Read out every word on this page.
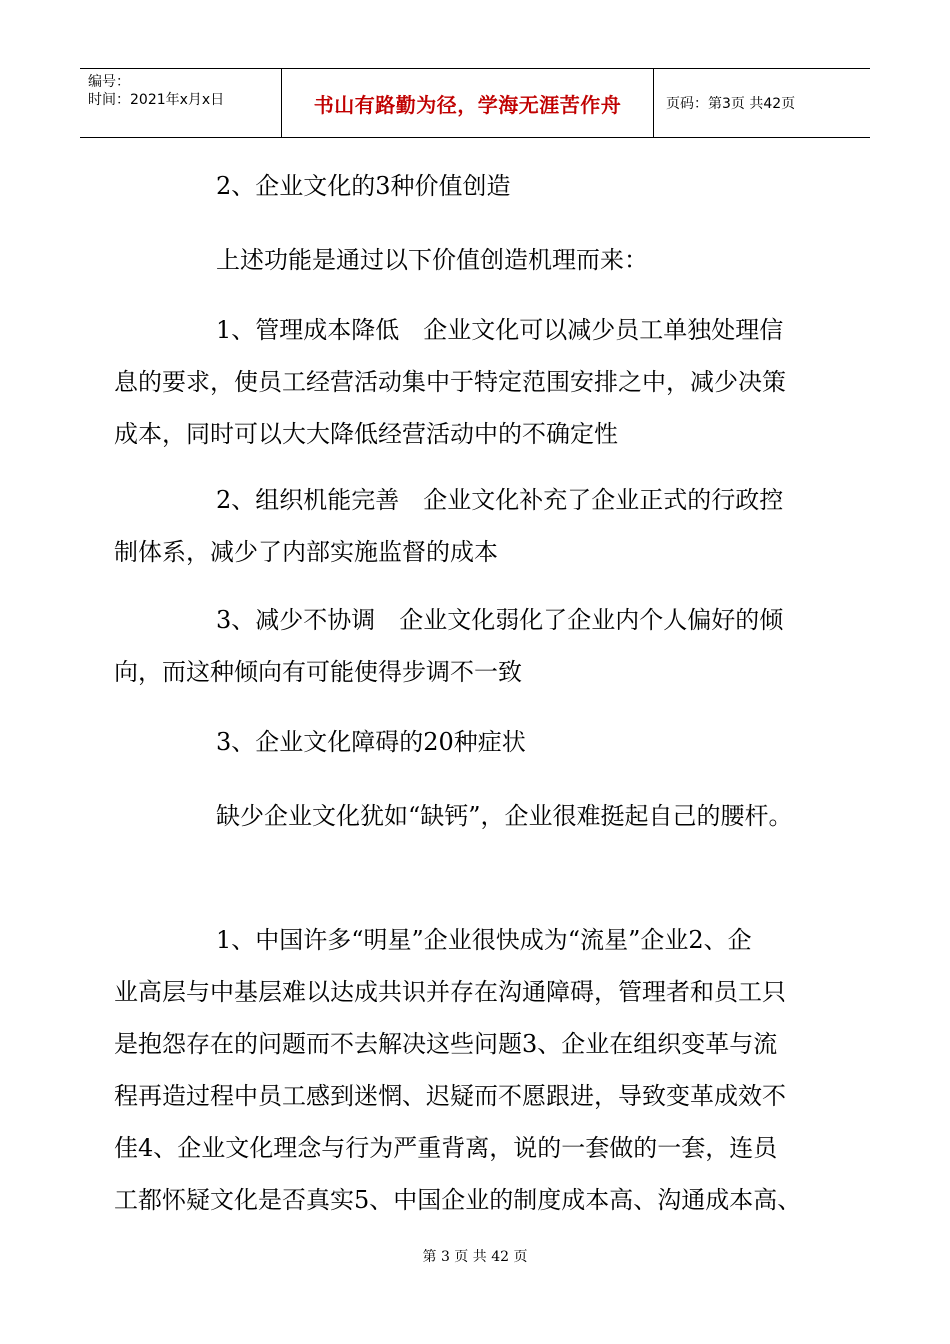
编号：
时间：2021年x月x日	书山有路勤为径，学海无涯苦作舟	页码：第3页 共42页
2、企业文化的3种价值创造
上述功能是通过以下价值创造机理而来：
1、管理成本降低　企业文化可以减少员工单独处理信
息的要求，使员工经营活动集中于特定范围安排之中，减少决策
成本，同时可以大大降低经营活动中的不确定性
2、组织机能完善　企业文化补充了企业正式的行政控
制体系，减少了内部实施监督的成本
3、减少不协调　企业文化弱化了企业内个人偏好的倾
向，而这种倾向有可能使得步调不一致
3、企业文化障碍的20种症状
缺少企业文化犹如“缺钙”，企业很难挺起自己的腰杆。
1、中国许多“明星”企业很快成为“流星”企业2、企
业高层与中基层难以达成共识并存在沟通障碍，管理者和员工只
是抱怨存在的问题而不去解决这些问题3、企业在组织变革与流
程再造过程中员工感到迷惘、迟疑而不愿跟进，导致变革成效不
佳4、企业文化理念与行为严重背离，说的一套做的一套，连员
工都怀疑文化是否真实5、中国企业的制度成本高、沟通成本高、
第 3 页 共 42 页
